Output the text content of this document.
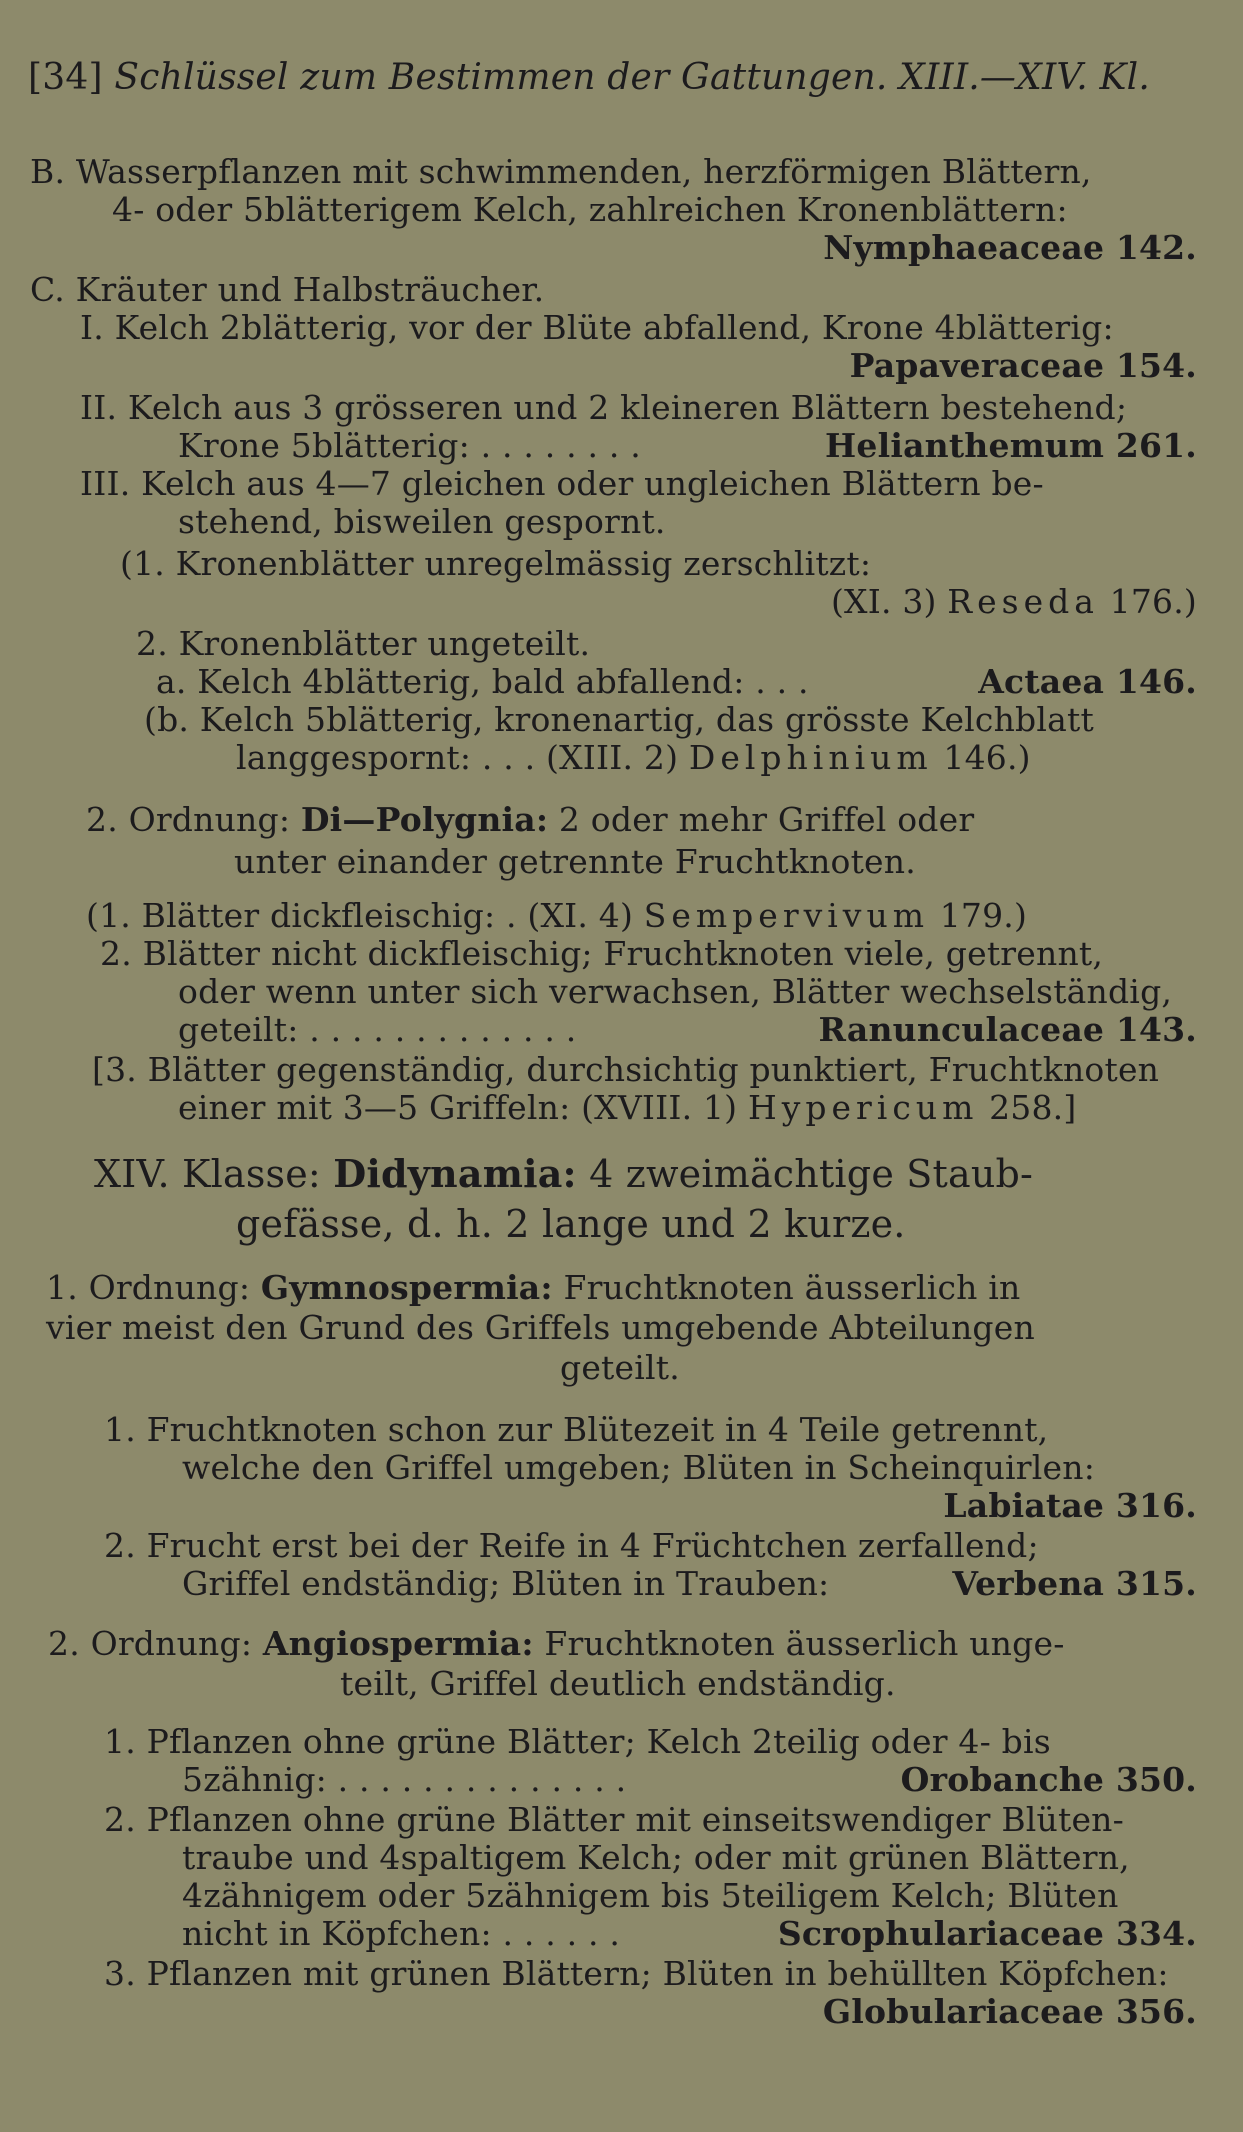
[34] Schlüssel zum Bestimmen der Gattungen. XIII.—XIV. Kl.
B. Wasserpflanzen mit schwimmenden, herzförmigen Blättern,
4- oder 5blätterigem Kelch, zahlreichen Kronenblättern:
Nymphaeaceae 142.
C. Kräuter und Halbsträucher.
I. Kelch 2blätterig, vor der Blüte abfallend, Krone 4blätterig:
Papaveraceae 154.
II. Kelch aus 3 grösseren und 2 kleineren Blättern bestehend;
Krone 5blätterig: . . . . . . . .	Helianthemum 261.
III. Kelch aus 4—7 gleichen oder ungleichen Blättern be-
stehend, bisweilen gespornt.
(1. Kronenblätter unregelmässig zerschlitzt:
(XI. 3) Reseda 176.)
2. Kronenblätter ungeteilt.
a. Kelch 4blätterig, bald abfallend: . . .	Actaea 146.
(b. Kelch 5blätterig, kronenartig, das grösste Kelchblatt
langgespornt: . . . (XIII. 2) Delphinium 146.)
2. Ordnung: Di—Polygnia: 2 oder mehr Griffel oder
unter einander getrennte Fruchtknoten.
(1. Blätter dickfleischig: . (XI. 4) Sempervivum 179.)
2. Blätter nicht dickfleischig; Fruchtknoten viele, getrennt,
oder wenn unter sich verwachsen, Blätter wechselständig,
geteilt: . . . . . . . . . . . . .	Ranunculaceae 143.
[3. Blätter gegenständig, durchsichtig punktiert, Fruchtknoten
einer mit 3—5 Griffeln: (XVIII. 1) Hypericum 258.]
XIV. Klasse: Didynamia: 4 zweimächtige Staub-
gefässe, d. h. 2 lange und 2 kurze.
1. Ordnung: Gymnospermia: Fruchtknoten äusserlich in
vier meist den Grund des Griffels umgebende Abteilungen
geteilt.
1. Fruchtknoten schon zur Blütezeit in 4 Teile getrennt,
welche den Griffel umgeben; Blüten in Scheinquirlen:
Labiatae 316.
2. Frucht erst bei der Reife in 4 Früchtchen zerfallend;
Griffel endständig; Blüten in Trauben:	Verbena 315.
2. Ordnung: Angiospermia: Fruchtknoten äusserlich unge-
teilt, Griffel deutlich endständig.
1. Pflanzen ohne grüne Blätter; Kelch 2teilig oder 4- bis
5zähnig: . . . . . . . . . . . . . .	Orobanche 350.
2. Pflanzen ohne grüne Blätter mit einseitswendiger Blüten-
traube und 4spaltigem Kelch; oder mit grünen Blättern,
4zähnigem oder 5zähnigem bis 5teiligem Kelch; Blüten
nicht in Köpfchen: . . . . . .	Scrophulariaceae 334.
3. Pflanzen mit grünen Blättern; Blüten in behüllten Köpfchen:
Globulariaceae 356.
